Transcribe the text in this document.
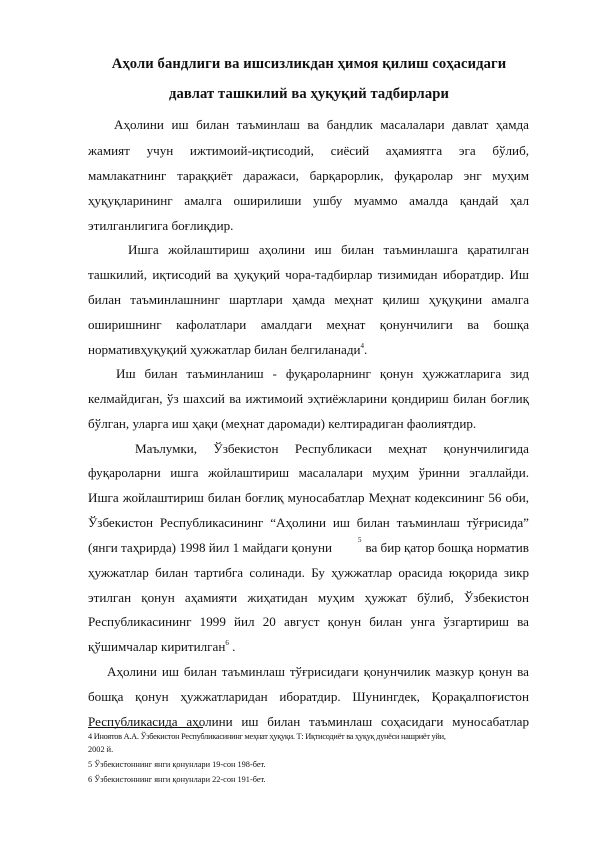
Аҳоли бандлиги ва ишсизликдан ҳимоя қилиш соҳасидаги
давлат ташкилий ва ҳуқуқий тадбирлари
Аҳолини иш билан таъминлаш ва бандлик масалалари давлат ҳамда
жамият учун ижтимоий-иқтисодий, сиёсий аҳамиятга эга бўлиб,
мамлакатнинг тараққиёт даражаси, барқарорлик, фуқаролар энг муҳим
ҳуқуқларининг амалга оширилиши ушбу муаммо амалда қандай ҳал
этилганлигига боғлиқдир.
Ишга жойлаштириш аҳолини иш билан таъминлашга қаратилган
ташкилий, иқтисодий ва ҳуқуқий чора-тадбирлар тизимидан иборатдир. Иш
билан таъминлашнинг шартлари ҳамда меҳнат қилиш ҳуқуқини амалга
оширишнинг кафолатлари амалдаги меҳнат қонунчилиги ва бошқа
нормативҳуқуқий ҳужжатлар билан белгиланади$^4$.
Иш билан таъминланиш - фуқароларнинг қонун ҳужжатларига зид
келмайдиган, ўз шахсий ва ижтимоий эҳтиёжларини қондириш билан боғлиқ
бўлган, уларга иш ҳақи (меҳнат даромади) келтирадиган фаолиятдир.
Маълумки, Ўзбекистон Республикаси меҳнат қонунчилигида
фуқароларни ишга жойлаштириш масалалари муҳим ўринни эгаллайди.
Ишга жойлаштириш билан боғлиқ муносабатлар Меҳнат кодексининг 56 оби,
Ўзбекистон Республикасининг “Аҳолини иш билан таъминлаш тўғрисида”
(янги таҳрирда) 1998 йил 1 майдаги қонуни	5 ва бир қатор бошқа норматив
ҳужжатлар билан тартибга солинади. Бу ҳужжатлар орасида юқорида зикр
этилган қонун аҳамияти жиҳатидан муҳим ҳужжат бўлиб, Ўзбекистон
Республикасининг 1999 йил 20 август қонун билан унга ўзгартириш ва
қўшимчалар киритилган$^6$ .
Аҳолини иш билан таъминлаш тўғрисидаги қонунчилик мазкур қонун ва
бошқа қонун ҳужжатларидан иборатдир. Шунингдек, Қорақалпоғистон
Республикасида аҳолини иш билан таъминлаш соҳасидаги муносабатлар
4 Иноятов А.А. Ўзбекистон Республикасининг меҳнат ҳуқуқи. Т: Иқтисодиёт ва ҳуқуқ дунёси нашриёт уйи,
2002 й.
5 Ўзбекистоннинг янги қонунлари 19-сон 198-бет.
6 Ўзбекистоннинг янги қонунлари 22-сон 191-бет.
